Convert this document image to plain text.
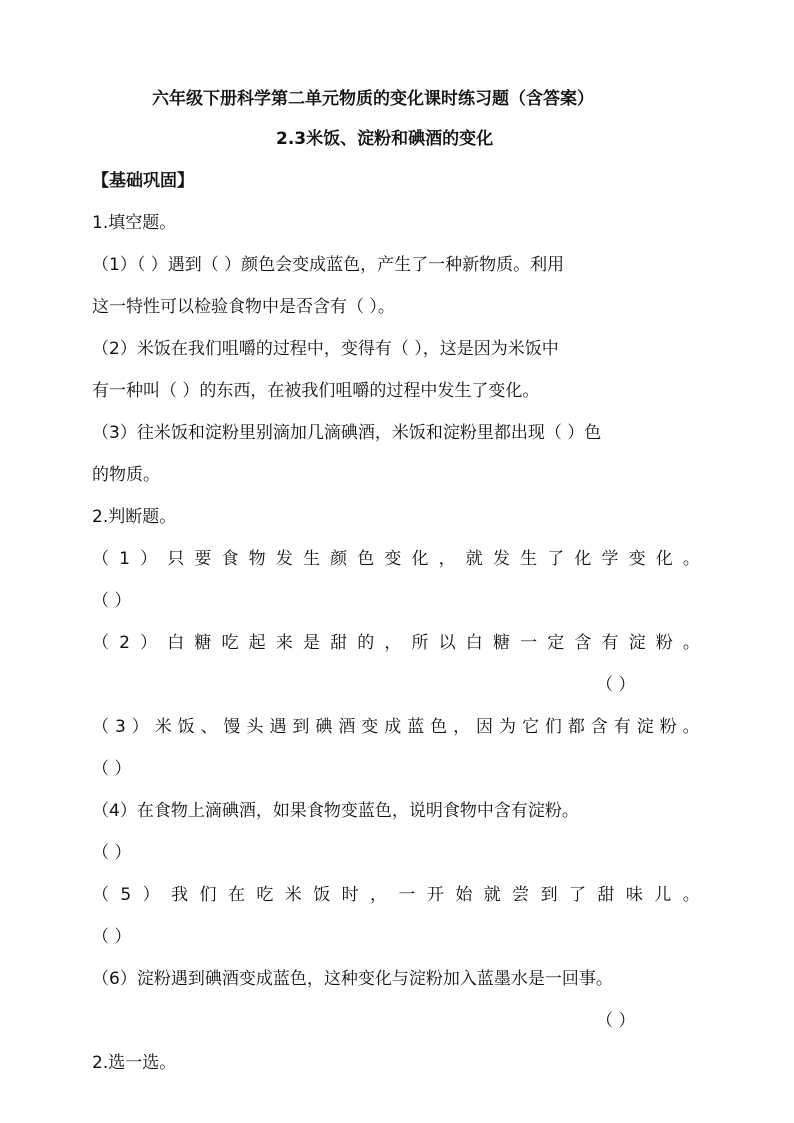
六年级下册科学第二单元物质的变化课时练习题（含答案）
2.3米饭、淀粉和碘酒的变化
【基础巩固】
1.填空题。
（1）（ ）遇到（ ）颜色会变成蓝色，产生了一种新物质。利用
这一特性可以检验食物中是否含有（ ）。
（2）米饭在我们咀嚼的过程中，变得有（ ），这是因为米饭中
有一种叫（ ）的东西，在被我们咀嚼的过程中发生了变化。
（3）往米饭和淀粉里别滴加几滴碘酒，米饭和淀粉里都出现（ ）色
的物质。
2.判断题。
（ 1 ） 只 要 食 物 发 生 颜 色 变 化 ， 就 发 生 了 化 学 变 化 。
（ ）
（ 2 ） 白 糖 吃 起 来 是 甜 的 ， 所 以 白 糖 一 定 含 有 淀 粉 。
（ ）
（ 3 ） 米 饭 、 馒 头 遇 到 碘 酒 变 成 蓝 色 ， 因 为 它 们 都 含 有 淀 粉 。
（ ）
（4）在食物上滴碘酒，如果食物变蓝色，说明食物中含有淀粉。
（ ）
（ 5 ） 我 们 在 吃 米 饭 时 ， 一 开 始 就 尝 到 了 甜 味 儿 。
（ ）
（6）淀粉遇到碘酒变成蓝色，这种变化与淀粉加入蓝墨水是一回事。
（ ）
2.选一选。
